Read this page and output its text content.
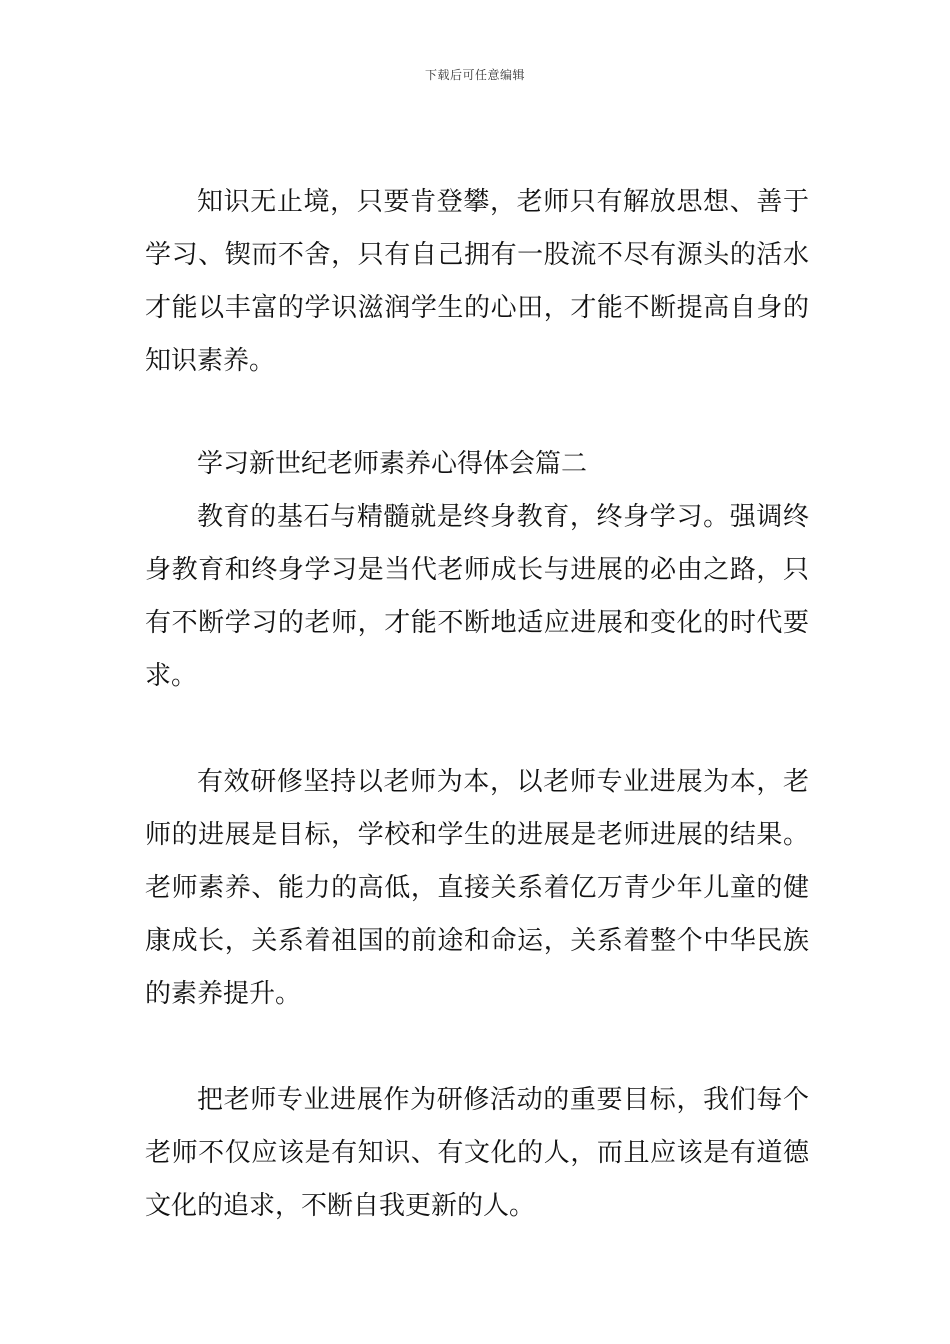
下载后可任意编辑

知识无止境，只要肯登攀，老师只有解放思想、善于学习、锲而不舍，只有自己拥有一股流不尽有源头的活水才能以丰富的学识滋润学生的心田，才能不断提高自身的知识素养。

学习新世纪老师素养心得体会篇二

教育的基石与精髓就是终身教育，终身学习。强调终身教育和终身学习是当代老师成长与进展的必由之路，只有不断学习的老师，才能不断地适应进展和变化的时代要求。

有效研修坚持以老师为本，以老师专业进展为本，老师的进展是目标，学校和学生的进展是老师进展的结果。老师素养、能力的高低，直接关系着亿万青少年儿童的健康成长，关系着祖国的前途和命运，关系着整个中华民族的素养提升。

把老师专业进展作为研修活动的重要目标，我们每个老师不仅应该是有知识、有文化的人，而且应该是有道德文化的追求，不断自我更新的人。
